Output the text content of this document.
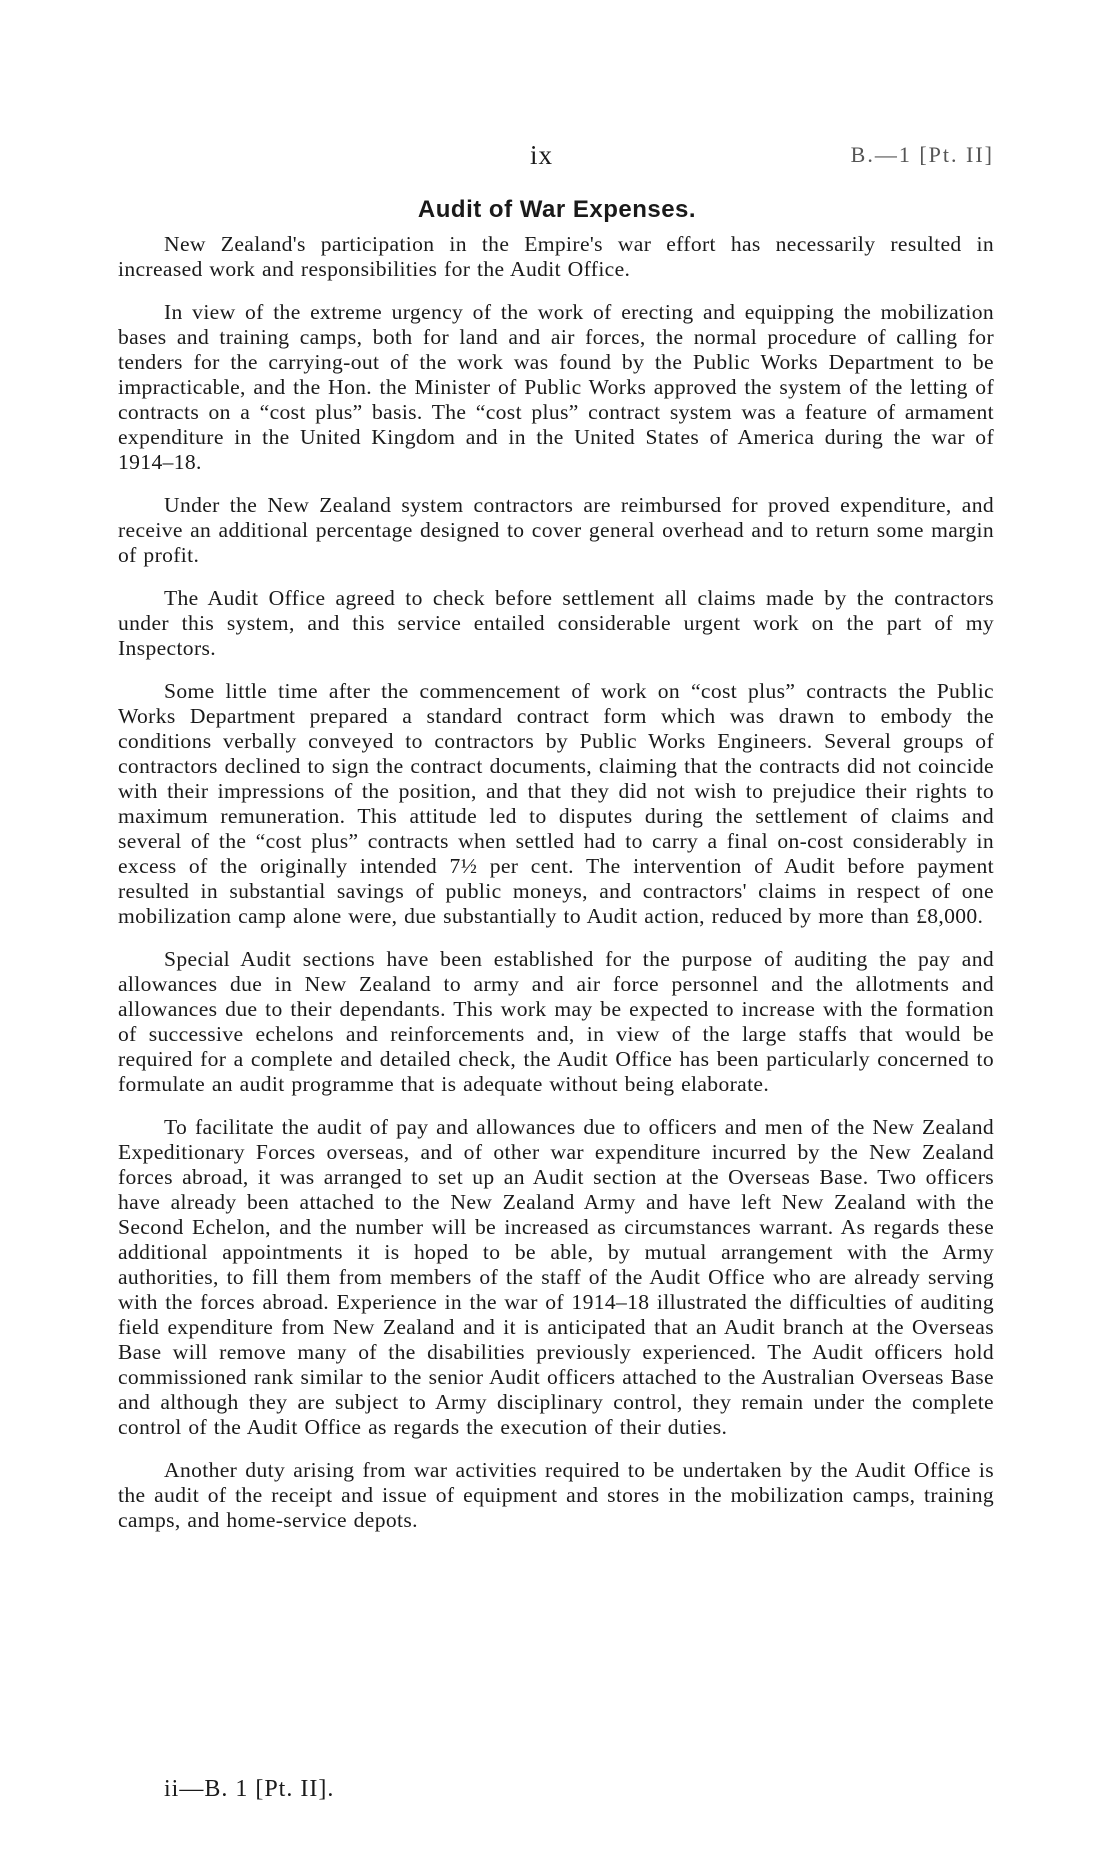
ix	B.—1 [Pt. II]
Audit of War Expenses.

New Zealand's participation in the Empire's war effort has necessarily resulted in increased work and responsibilities for the Audit Office.

In view of the extreme urgency of the work of erecting and equipping the mobilization bases and training camps, both for land and air forces, the normal procedure of calling for tenders for the carrying-out of the work was found by the Public Works Department to be impracticable, and the Hon. the Minister of Public Works approved the system of the letting of contracts on a “cost plus” basis. The “cost plus” contract system was a feature of armament expenditure in the United Kingdom and in the United States of America during the war of 1914–18.

Under the New Zealand system contractors are reimbursed for proved expenditure, and receive an additional percentage designed to cover general overhead and to return some margin of profit.

The Audit Office agreed to check before settlement all claims made by the contractors under this system, and this service entailed considerable urgent work on the part of my Inspectors.

Some little time after the commencement of work on “cost plus” contracts the Public Works Department prepared a standard contract form which was drawn to embody the conditions verbally conveyed to contractors by Public Works Engineers. Several groups of contractors declined to sign the contract documents, claiming that the contracts did not coincide with their impressions of the position, and that they did not wish to prejudice their rights to maximum remuneration. This attitude led to disputes during the settlement of claims and several of the “cost plus” contracts when settled had to carry a final on-cost considerably in excess of the originally intended 7½ per cent. The intervention of Audit before payment resulted in substantial savings of public moneys, and contractors' claims in respect of one mobilization camp alone were, due substantially to Audit action, reduced by more than £8,000.

Special Audit sections have been established for the purpose of auditing the pay and allowances due in New Zealand to army and air force personnel and the allotments and allowances due to their dependants. This work may be expected to increase with the formation of successive echelons and reinforcements and, in view of the large staffs that would be required for a complete and detailed check, the Audit Office has been particularly concerned to formulate an audit programme that is adequate without being elaborate.

To facilitate the audit of pay and allowances due to officers and men of the New Zealand Expeditionary Forces overseas, and of other war expenditure incurred by the New Zealand forces abroad, it was arranged to set up an Audit section at the Overseas Base. Two officers have already been attached to the New Zealand Army and have left New Zealand with the Second Echelon, and the number will be increased as circumstances warrant. As regards these additional appointments it is hoped to be able, by mutual arrangement with the Army authorities, to fill them from members of the staff of the Audit Office who are already serving with the forces abroad. Experience in the war of 1914–18 illustrated the difficulties of auditing field expenditure from New Zealand and it is anticipated that an Audit branch at the Overseas Base will remove many of the disabilities previously experienced. The Audit officers hold commissioned rank similar to the senior Audit officers attached to the Australian Overseas Base and although they are subject to Army disciplinary control, they remain under the complete control of the Audit Office as regards the execution of their duties.

Another duty arising from war activities required to be undertaken by the Audit Office is the audit of the receipt and issue of equipment and stores in the mobilization camps, training camps, and home-service depots.

ii—B. 1 [Pt. II].
